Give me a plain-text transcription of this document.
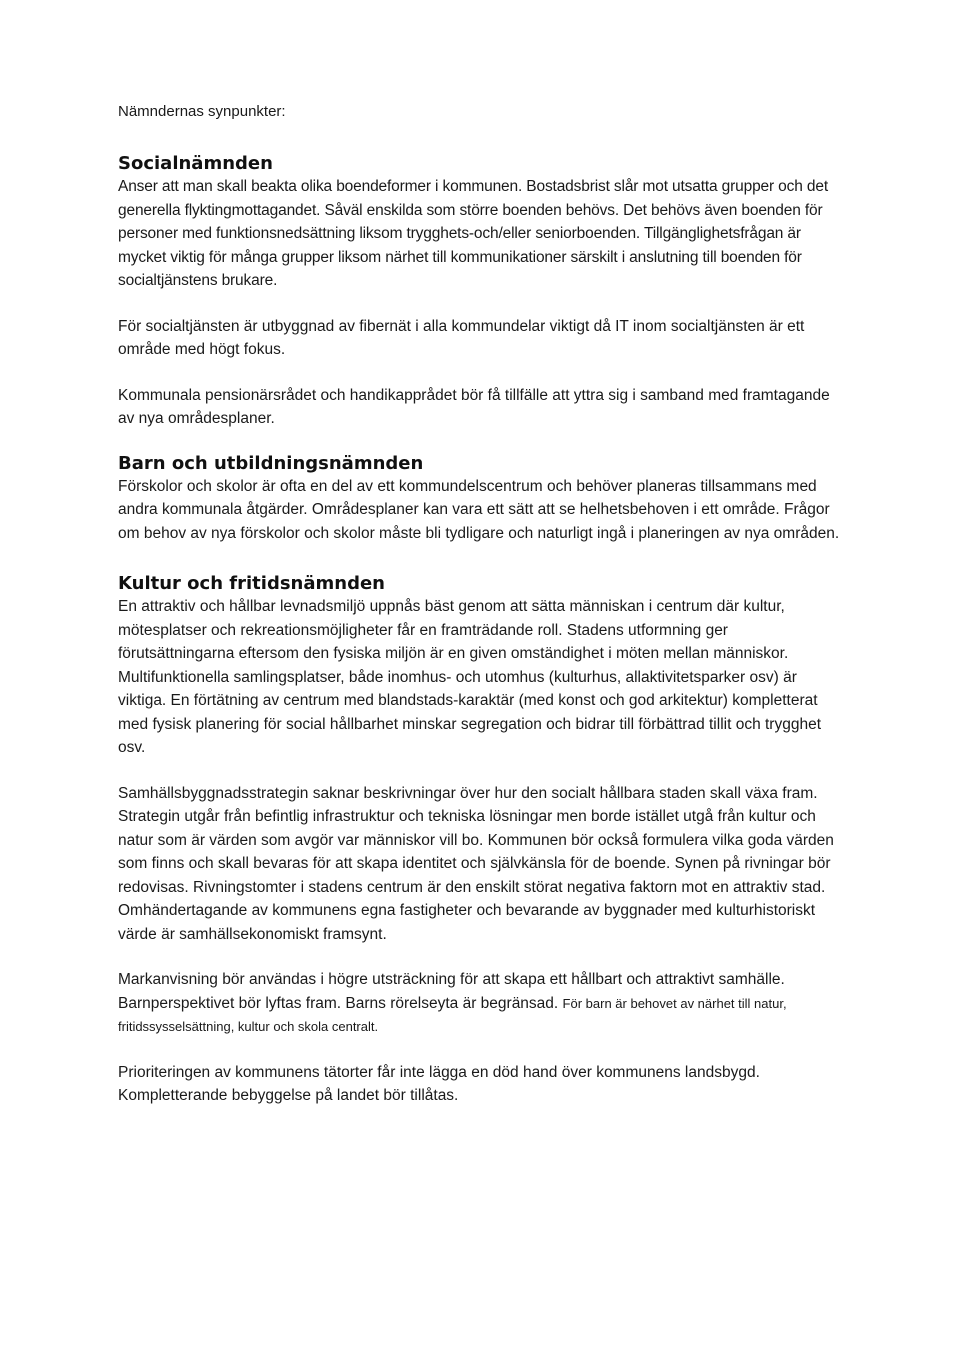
Nämndernas synpunkter:

Socialnämnden

Anser att man skall beakta olika boendeformer i kommunen. Bostadsbrist slår mot utsatta grupper och det generella flyktingmottagandet. Såväl enskilda som större boenden behövs. Det behövs även boenden för personer med funktionsnedsättning liksom trygghets-och/eller seniorboenden. Tillgänglighetsfrågan är mycket viktig för många grupper liksom närhet till kommunikationer särskilt i anslutning till boenden för socialtjänstens brukare.

För socialtjänsten är utbyggnad av fibernät i alla kommundelar viktigt då IT inom socialtjänsten är ett område med högt fokus.

Kommunala pensionärsrådet och handikapprådet bör få tillfälle att yttra sig i samband med framtagande av nya områdesplaner.

Barn och utbildningsnämnden

Förskolor och skolor är ofta en del av ett kommundelscentrum och behöver planeras tillsammans med andra kommunala åtgärder. Områdesplaner kan vara ett sätt att se helhetsbehoven i ett område. Frågor om behov av nya förskolor och skolor måste bli tydligare och naturligt ingå i planeringen av nya områden.

Kultur och fritidsnämnden

En attraktiv och hållbar levnadsmiljö uppnås bäst genom att sätta människan i centrum där kultur, mötesplatser och rekreationsmöjligheter får en framträdande roll. Stadens utformning ger förutsättningarna eftersom den fysiska miljön är en given omständighet i möten mellan människor. Multifunktionella samlingsplatser, både inomhus- och utomhus (kulturhus, allaktivitetsparker osv) är viktiga. En förtätning av centrum med blandstads-karaktär (med konst och god arkitektur) kompletterat med fysisk planering för social hållbarhet minskar segregation och bidrar till förbättrad tillit och trygghet osv.

Samhällsbyggnadsstrategin saknar beskrivningar över hur den socialt hållbara staden skall växa fram. Strategin utgår från befintlig infrastruktur och tekniska lösningar men borde istället utgå från kultur och natur som är värden som avgör var människor vill bo. Kommunen bör också formulera vilka goda värden som finns och skall bevaras för att skapa identitet och självkänsla för de boende. Synen på rivningar bör redovisas. Rivningstomter i stadens centrum är den enskilt störat negativa faktorn mot en attraktiv stad. Omhändertagande av kommunens egna fastigheter och bevarande av byggnader med kulturhistoriskt värde är samhällsekonomiskt framsynt.

Markanvisning bör användas i högre utsträckning för att skapa ett hållbart och attraktivt samhälle. Barnperspektivet bör lyftas fram. Barns rörelseyta är begränsad. För barn är behovet av närhet till natur, fritidssysselsättning, kultur och skola centralt.

Prioriteringen av kommunens tätorter får inte lägga en död hand över kommunens landsbygd. Kompletterande bebyggelse på landet bör tillåtas.
